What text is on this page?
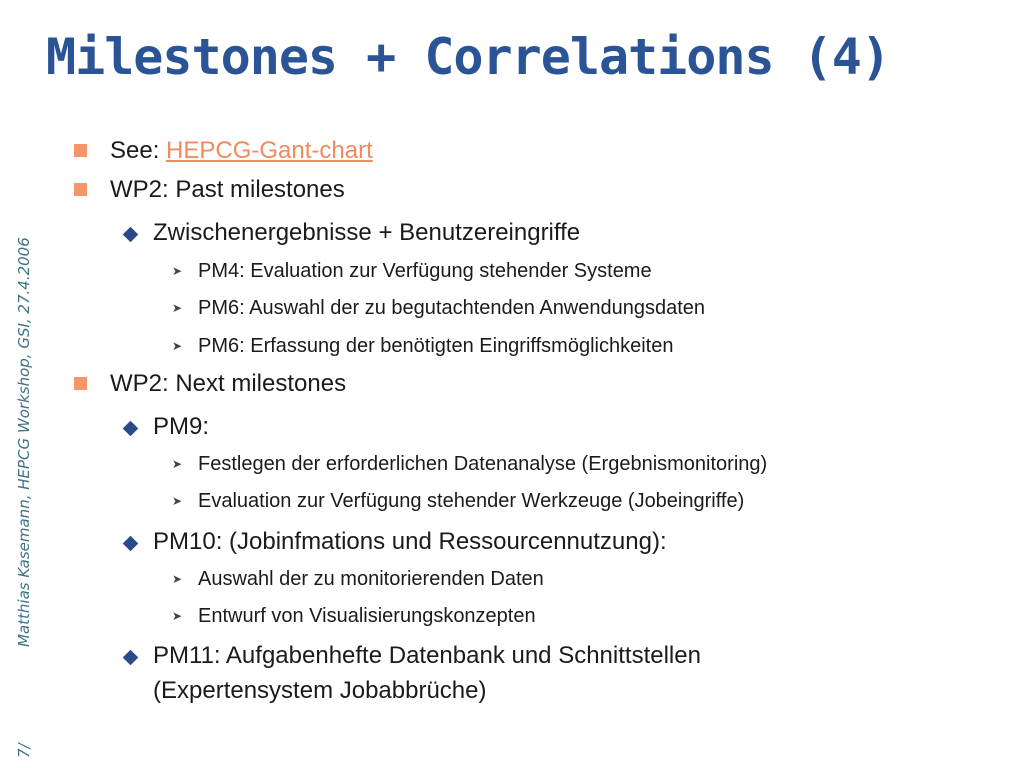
Milestones + Correlations (4)
Matthias Kasemann, HEPCG Workshop, GSI, 27.4.2006
7/
See: HEPCG-Gant-chart
WP2: Past milestones
Zwischenergebnisse + Benutzereingriffe
➤ PM4: Evaluation zur Verfügung stehender Systeme
➤ PM6: Auswahl der zu begutachtenden Anwendungsdaten
➤ PM6: Erfassung der benötigten Eingriffsmöglichkeiten
WP2: Next milestones
PM9:
➤ Festlegen der erforderlichen Datenanalyse (Ergebnismonitoring)
➤ Evaluation zur Verfügung stehender Werkzeuge (Jobeingriffe)
PM10: (Jobinfmations und Ressourcennutzung):
➤ Auswahl der zu monitorierenden Daten
➤ Entwurf von Visualisierungskonzepten
PM11: Aufgabenhefte Datenbank und Schnittstellen
(Expertensystem Jobabbrüche)
